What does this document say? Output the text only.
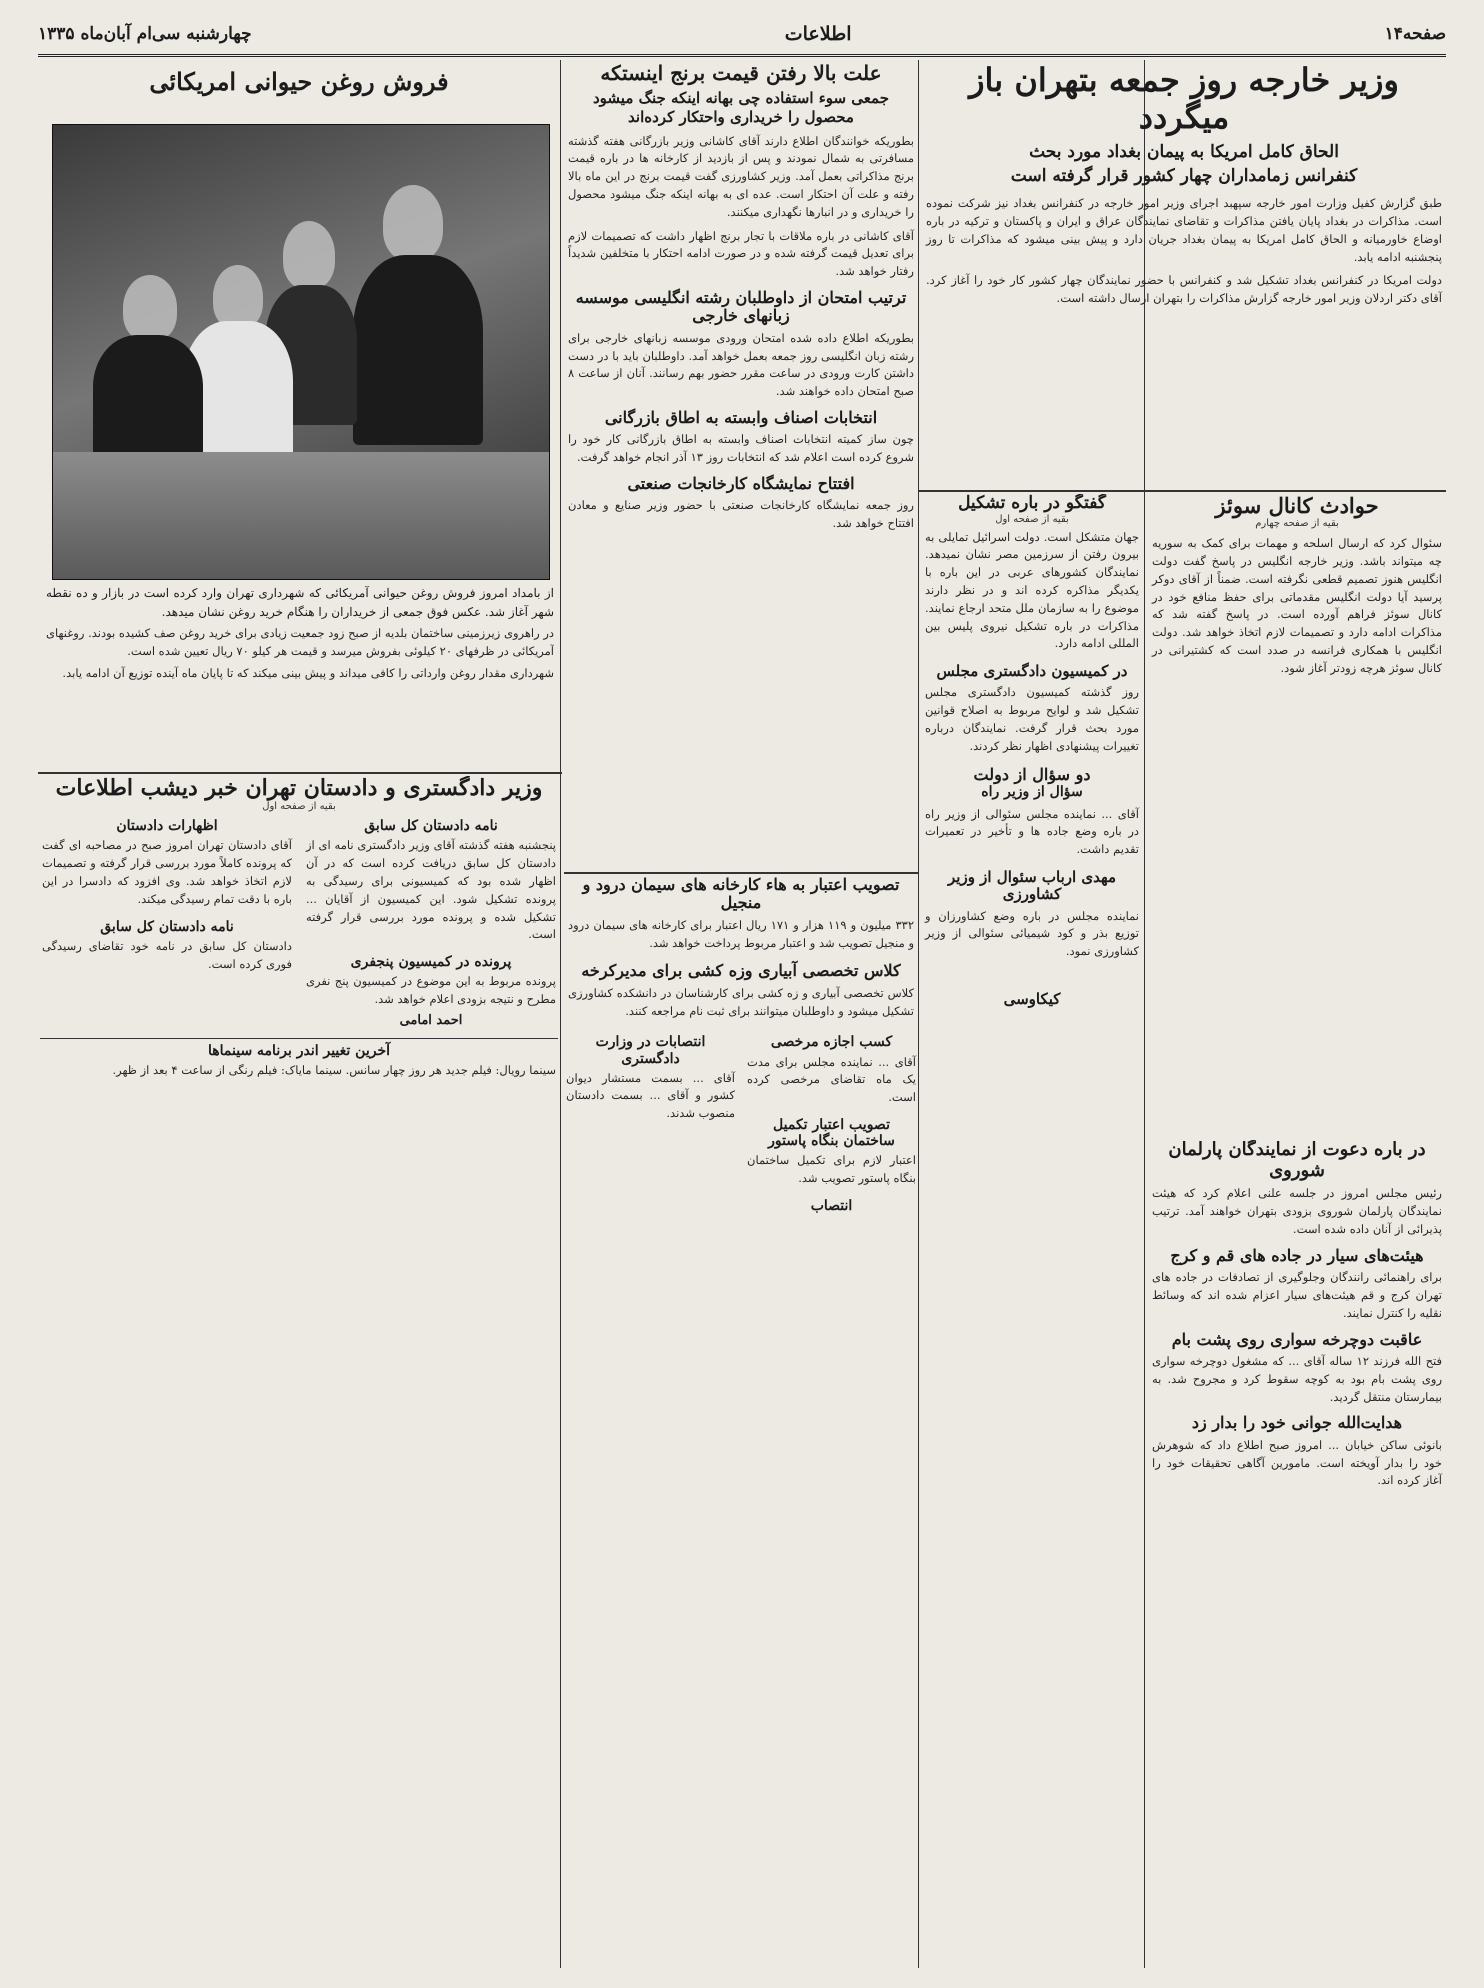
صفحه۱۴
اطلاعات
چهارشنبه سی‌ام آبان‌ماه ۱۳۳۵
وزیر خارجه روز جمعه بتهران باز میگردد
الحاق کامل امریکا به پیمان بغداد مورد بحث
کنفرانس زمامداران چهار کشور قرار گرفته است

طبق گزارش کفیل وزارت امور خارجه سپهبد اجرای وزیر امور خارجه در کنفرانس بغداد نیز شرکت نموده است. مذاکرات در بغداد پایان یافتن مذاکرات و تقاضای نمایندگان عراق و ایران و پاکستان و ترکیه در باره اوضاع خاورمیانه و الحاق کامل امریکا به پیمان بغداد جریان دارد و پیش بینی میشود که مذاکرات تا روز پنجشنبه ادامه یابد.

دولت امریکا در کنفرانس بغداد تشکیل شد و کنفرانس با حضور نمایندگان چهار کشور کار خود را آغاز کرد. آقای دکتر اردلان وزیر امور خارجه گزارش مذاکرات را بتهران ارسال داشته است.

حوادث کانال سوئز
بقیه از صفحه چهارم

سئوال کرد که ارسال اسلحه و مهمات برای کمک به سوریه چه میتواند باشد. وزیر خارجه انگلیس در پاسخ گفت دولت انگلیس هنوز تصمیم قطعی نگرفته است. ضمناً از آقای دوکر پرسید آیا دولت انگلیس مقدماتی برای حفظ منافع خود در کانال سوئز فراهم آورده است. در پاسخ گفته شد که مذاکرات ادامه دارد و تصمیمات لازم اتخاذ خواهد شد. دولت انگلیس با همکاری فرانسه در صدد است که کشتیرانی در کانال سوئز هرچه زودتر آغاز شود.

در باره دعوت از نمایندگان پارلمان شوروی

رئیس مجلس امروز در جلسه علنی اعلام کرد که هیئت نمایندگان پارلمان شوروی بزودی بتهران خواهند آمد. ترتیب پذیرائی از آنان داده شده است.

هیئت‌های سیار در جاده های قم و کرج

برای راهنمائی رانندگان وجلوگیری از تصادفات در جاده های تهران کرج و قم هیئت‌های سیار اعزام شده اند که وسائط نقلیه را کنترل نمایند.

عاقبت دوچرخه سواری روی پشت بام

فتح الله فرزند ۱۲ ساله آقای ... که مشغول دوچرخه سواری روی پشت بام بود به کوچه سقوط کرد و مجروح شد. به بیمارستان منتقل گردید.

هدایت‌الله جوانی خود را بدار زد

بانوئی ساکن خیابان ... امروز صبح اطلاع داد که شوهرش خود را بدار آویخته است. مامورین آگاهی تحقیقات خود را آغاز کرده اند.

گفتگو در باره تشکیل
بقیه از صفحه اول

جهان متشکل است. دولت اسرائیل تمایلی به بیرون رفتن از سرزمین مصر نشان نمیدهد. نمایندگان کشورهای عربی در این باره با یکدیگر مذاکره کرده اند و در نظر دارند موضوع را به سازمان ملل متحد ارجاع نمایند. مذاکرات در باره تشکیل نیروی پلیس بین المللی ادامه دارد.

در کمیسیون دادگستری مجلس

روز گذشته کمیسیون دادگستری مجلس تشکیل شد و لوایح مربوط به اصلاح قوانین مورد بحث قرار گرفت. نمایندگان درباره تغییرات پیشنهادی اظهار نظر کردند.

دو سؤال از دولت
سؤال از وزیر راه

آقای ... نماینده مجلس سئوالی از وزیر راه در باره وضع جاده ها و تأخیر در تعمیرات تقدیم داشت.

مهدی ارباب سئوال از وزیر کشاورزی

نماینده مجلس در باره وضع کشاورزان و توزیع بذر و کود شیمیائی سئوالی از وزیر کشاورزی نمود.

کیکاوسی
علت بالا رفتن قیمت برنج اینستکه
جمعی سوء استفاده چی بهانه اینکه جنگ میشود
محصول را خریداری واحتکار کرده‌اند

بطوریکه خوانندگان اطلاع دارند آقای کاشانی وزیر بازرگانی هفته گذشته مسافرتی به شمال نمودند و پس از بازدید از کارخانه ها در باره قیمت برنج مذاکراتی بعمل آمد. وزیر کشاورزی گفت قیمت برنج در این ماه بالا رفته و علت آن احتکار است. عده ای به بهانه اینکه جنگ میشود محصول را خریداری و در انبارها نگهداری میکنند.

آقای کاشانی در باره ملاقات با تجار برنج اظهار داشت که تصمیمات لازم برای تعدیل قیمت گرفته شده و در صورت ادامه احتکار با متخلفین شدیداً رفتار خواهد شد.

ترتیب امتحان از داوطلبان رشته انگلیسی موسسه زبانهای خارجی

بطوریکه اطلاع داده شده امتحان ورودی موسسه زبانهای خارجی برای رشته زبان انگلیسی روز جمعه بعمل خواهد آمد. داوطلبان باید با در دست داشتن کارت ورودی در ساعت مقرر حضور بهم رسانند. آنان از ساعت ۸ صبح امتحان داده خواهند شد.

انتخابات اصناف وابسته به اطاق بازرگانی

چون ساز کمیته انتخابات اصناف وابسته به اطاق بازرگانی کار خود را شروع کرده است اعلام شد که انتخابات روز ۱۳ آذر انجام خواهد گرفت.

افتتاح نمایشگاه کارخانجات صنعتی

روز جمعه نمایشگاه کارخانجات صنعتی با حضور وزیر صنایع و معادن افتتاح خواهد شد.

تصویب اعتبار به هاء کارخانه های سیمان درود و منجیل

۳۳۲ میلیون و ۱۱۹ هزار و ۱۷۱ ریال اعتبار برای کارخانه های سیمان درود و منجیل تصویب شد و اعتبار مربوط پرداخت خواهد شد.

کلاس تخصصی آبیاری وزه کشی برای مدیرکرخه

کلاس تخصصی آبیاری و زه کشی برای کارشناسان در دانشکده کشاورزی تشکیل میشود و داوطلبان میتوانند برای ثبت نام مراجعه کنند.

کسب اجازه مرخصی

آقای ... نماینده مجلس برای مدت یک ماه تقاضای مرخصی کرده است.

تصویب اعتبار تکمیل ساختمان بنگاه پاستور

اعتبار لازم برای تکمیل ساختمان بنگاه پاستور تصویب شد.

انتصاب
انتصابات در وزارت دادگستری

آقای ... بسمت مستشار دیوان کشور و آقای ... بسمت دادستان منصوب شدند.

فروش روغن حیوانی امریکائی

از بامداد امروز فروش روغن حیوانی آمریکائی که شهرداری تهران وارد کرده است در بازار و ده نقطه شهر آغاز شد. عکس فوق جمعی از خریداران را هنگام خرید روغن نشان میدهد.

در راهروی زیرزمینی ساختمان بلدیه از صبح زود جمعیت زیادی برای خرید روغن صف کشیده بودند. روغنهای آمریکائی در ظرفهای ۲۰ کیلوئی بفروش میرسد و قیمت هر کیلو ۷۰ ریال تعیین شده است.

شهرداری مقدار روغن وارداتی را کافی میداند و پیش بینی میکند که تا پایان ماه آینده توزیع آن ادامه یابد.

وزیر دادگستری و دادستان تهران خبر دیشب اطلاعات
بقیه از صفحه اول
نامه دادستان کل سابق

پنجشنبه هفته گذشته آقای وزیر دادگستری نامه ای از دادستان کل سابق دریافت کرده است که در آن اظهار شده بود که کمیسیونی برای رسیدگی به پرونده تشکیل شود. این کمیسیون از آقایان ... تشکیل شده و پرونده مورد بررسی قرار گرفته است.

پرونده در کمیسیون پنجفری

پرونده مربوط به این موضوع در کمیسیون پنج نفری مطرح و نتیجه بزودی اعلام خواهد شد.

احمد امامی
اظهارات دادستان

آقای دادستان تهران امروز صبح در مصاحبه ای گفت که پرونده کاملاً مورد بررسی قرار گرفته و تصمیمات لازم اتخاذ خواهد شد. وی افزود که دادسرا در این باره با دقت تمام رسیدگی میکند.

نامه دادستان کل سابق

دادستان کل سابق در نامه خود تقاضای رسیدگی فوری کرده است.

آخرین تغییر اندر برنامه سینماها

سینما رویال: فیلم جدید هر روز چهار سانس. سینما مایاک: فیلم رنگی از ساعت ۴ بعد از ظهر.
